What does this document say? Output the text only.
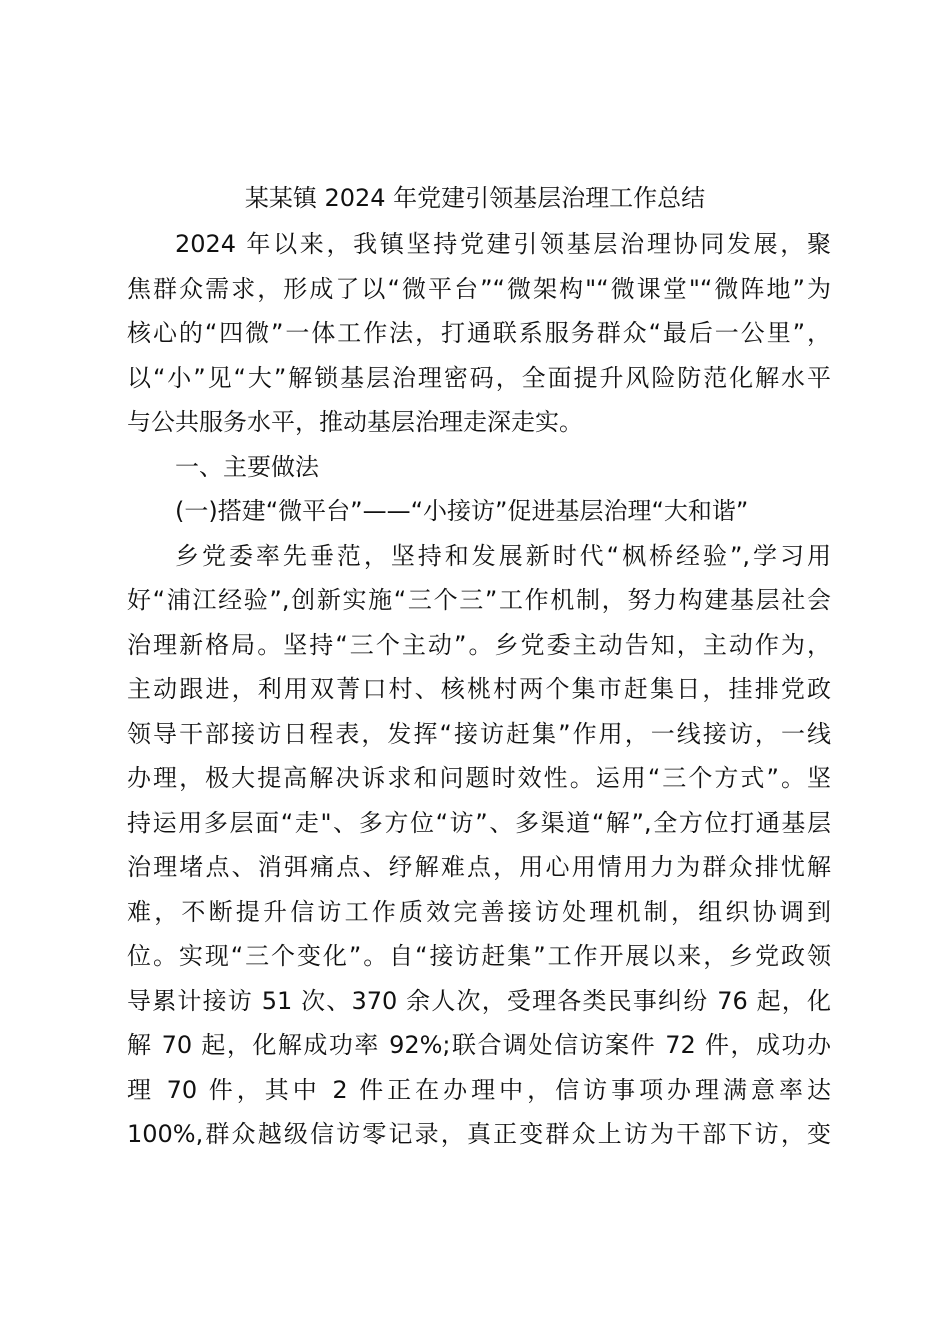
某某镇 2024 年党建引领基层治理工作总结

2024 年以来，我镇坚持党建引领基层治理协同发展，聚

焦群众需求，形成了以“微平台”“微架构"“微课堂"“微阵地”为

核心的“四微”一体工作法，打通联系服务群众“最后一公里”，

以“小”见“大”解锁基层治理密码，全面提升风险防范化解水平

与公共服务水平，推动基层治理走深走实。

一、主要做法

(一)搭建“微平台”——“小接访”促进基层治理“大和谐”

乡党委率先垂范，坚持和发展新时代“枫桥经验”,学习用

好“浦江经验”,创新实施“三个三”工作机制，努力构建基层社会

治理新格局。坚持“三个主动”。乡党委主动告知，主动作为，

主动跟进，利用双菁口村、核桃村两个集市赶集日，挂排党政

领导干部接访日程表，发挥“接访赶集”作用，一线接访，一线

办理，极大提高解决诉求和问题时效性。运用“三个方式”。坚

持运用多层面“走"、多方位“访”、多渠道“解”,全方位打通基层

治理堵点、消弭痛点、纾解难点，用心用情用力为群众排忧解

难，不断提升信访工作质效完善接访处理机制，组织协调到

位。实现“三个变化”。自“接访赶集”工作开展以来，乡党政领

导累计接访 51 次、370 余人次，受理各类民事纠纷 76 起，化

解 70 起，化解成功率 92%;联合调处信访案件 72 件，成功办

理 70 件，其中 2 件正在办理中，信访事项办理满意率达

100%,群众越级信访零记录，真正变群众上访为干部下访，变
